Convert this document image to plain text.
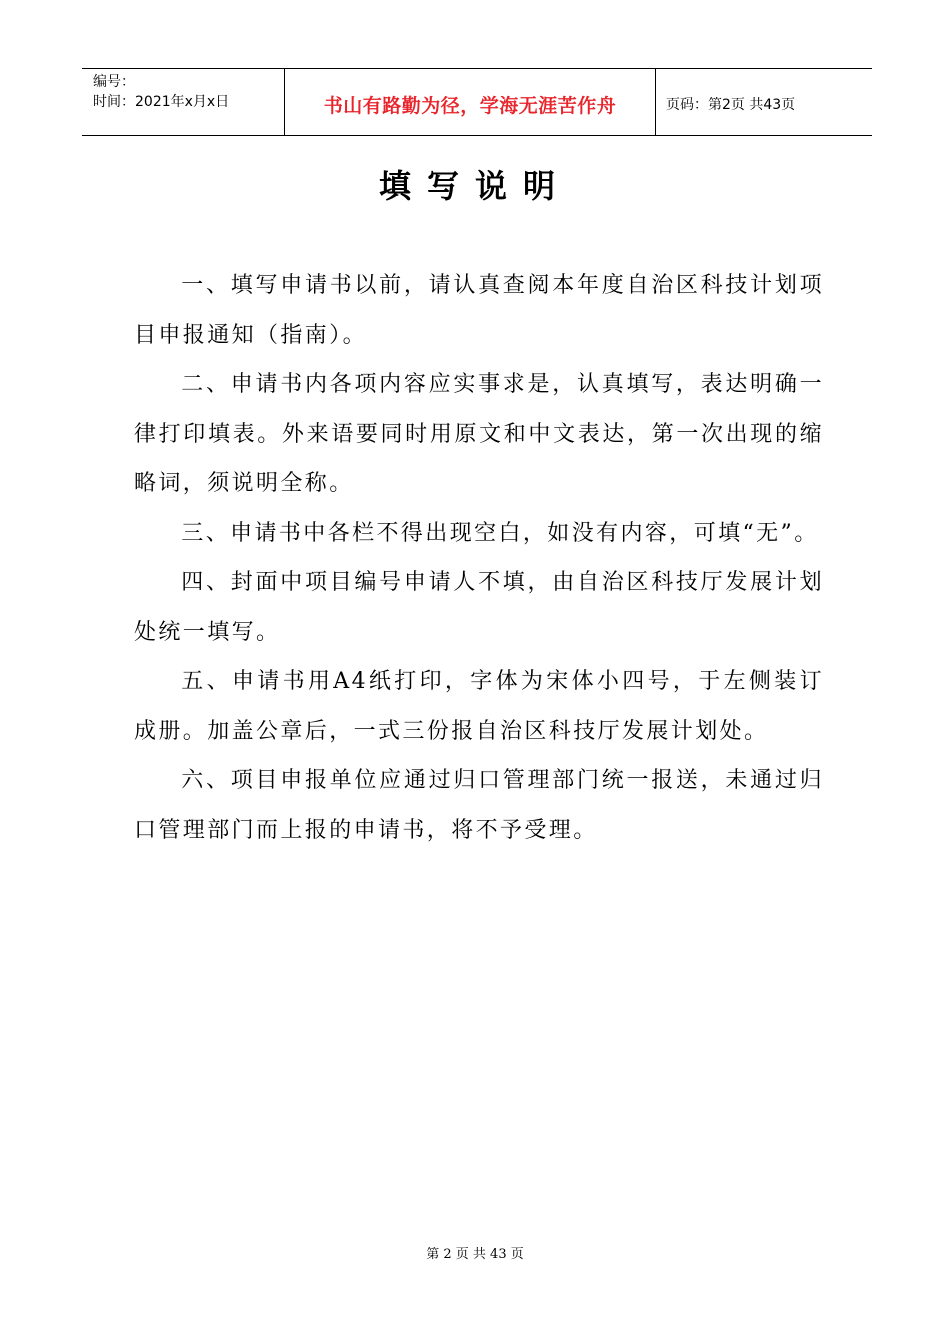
编号：
时间：2021年x月x日	书山有路勤为径，学海无涯苦作舟	页码：第2页 共43页
填写说明

一、填写申请书以前，请认真查阅本年度自治区科技计划项目申报通知（指南）。

二、申请书内各项内容应实事求是，认真填写，表达明确一律打印填表。外来语要同时用原文和中文表达，第一次出现的缩略词，须说明全称。

三、申请书中各栏不得出现空白，如没有内容，可填“无”。

四、封面中项目编号申请人不填，由自治区科技厅发展计划处统一填写。

五、申请书用A4纸打印，字体为宋体小四号，于左侧装订成册。加盖公章后，一式三份报自治区科技厅发展计划处。

六、项目申报单位应通过归口管理部门统一报送，未通过归口管理部门而上报的申请书，将不予受理。

第 2 页 共 43 页
